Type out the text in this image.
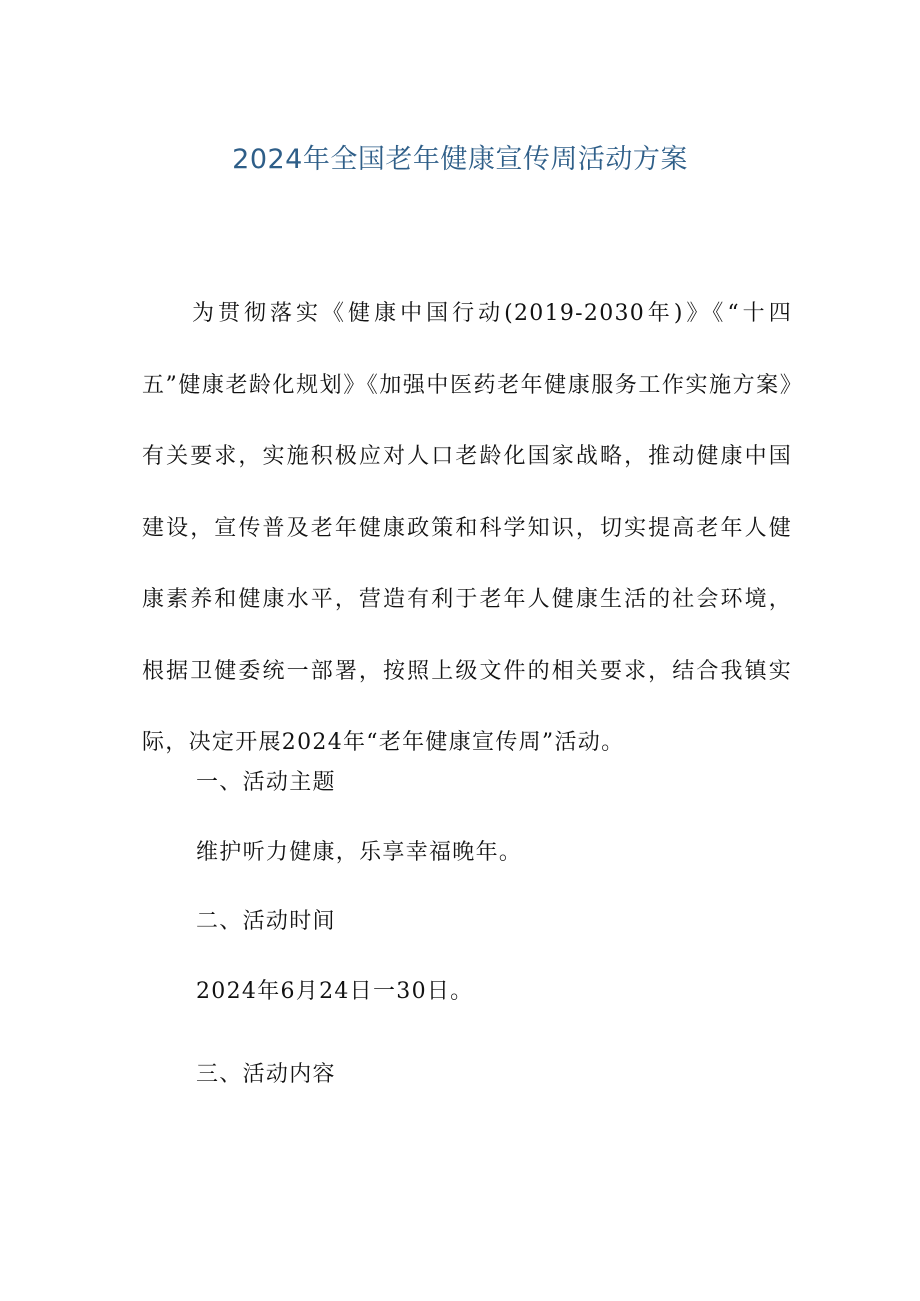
2024年全国老年健康宣传周活动方案

为贯彻落实《健康中国行动(2019-2030年)》《“十四五”健康老龄化规划》《加强中医药老年健康服务工作实施方案》有关要求，实施积极应对人口老龄化国家战略，推动健康中国建设，宣传普及老年健康政策和科学知识，切实提高老年人健康素养和健康水平，营造有利于老年人健康生活的社会环境，根据卫健委统一部署，按照上级文件的相关要求，结合我镇实际，决定开展2024年“老年健康宣传周”活动。

一、活动主题

维护听力健康，乐享幸福晚年。

二、活动时间

2024年6月24日一30日。

三、活动内容
